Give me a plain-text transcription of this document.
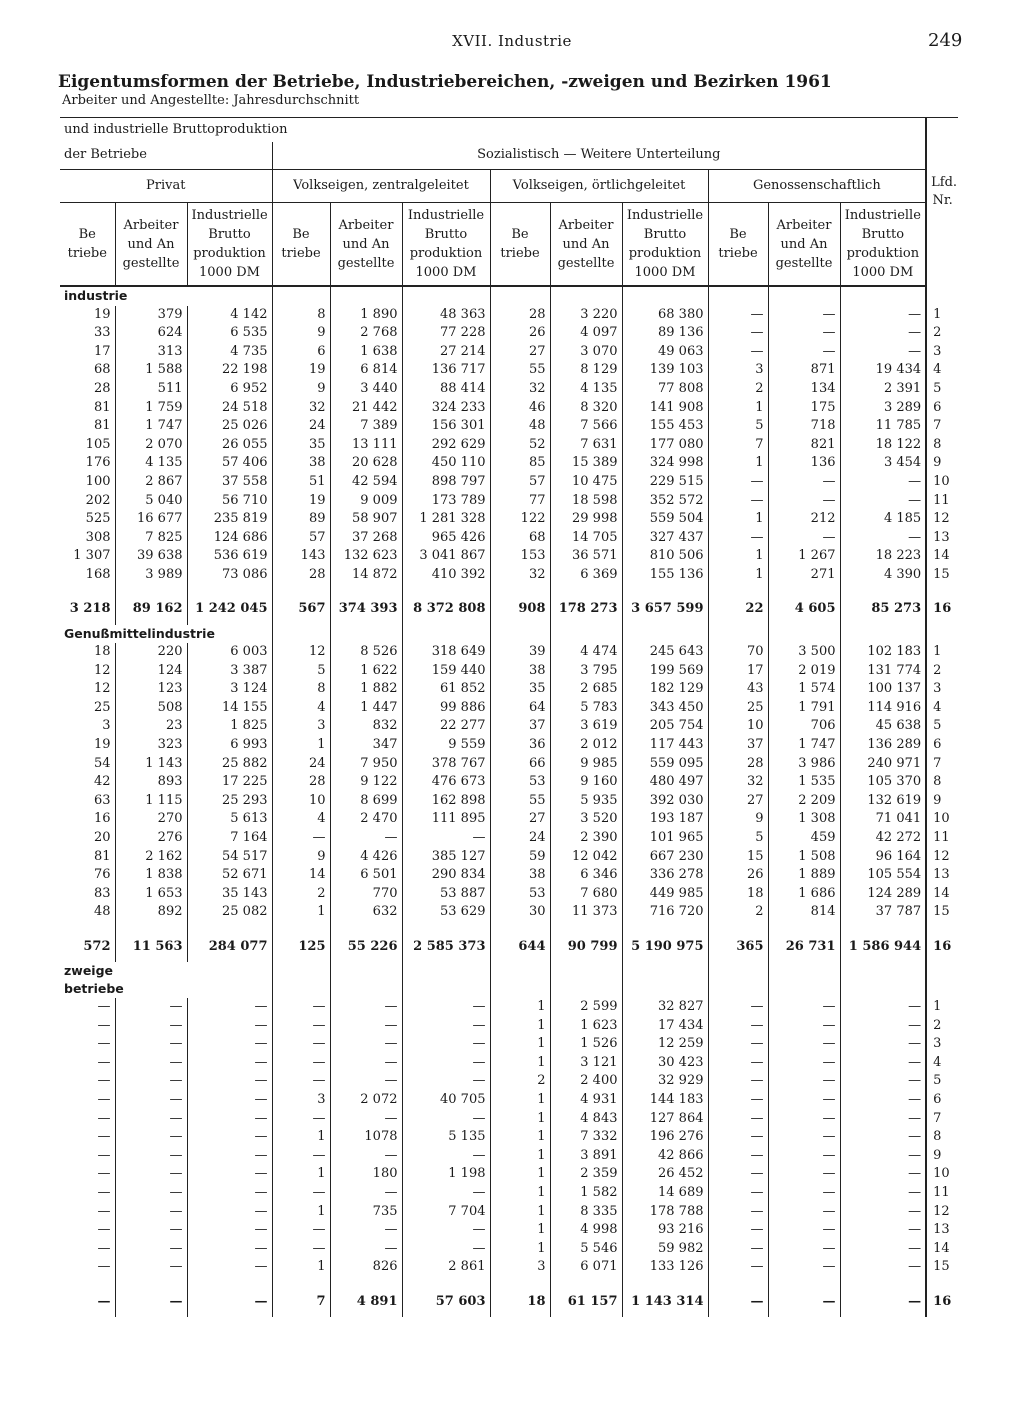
XVII. Industrie	249
Eigentumsformen der Betriebe, Industriebereichen, -zweigen und Bezirken 1961
Arbeiter und Angestellte: Jahresdurchschnitt
und industrielle Bruttoproduktion												
der Betriebe			Sozialistisch — Weitere Unterteilung									
Privat			Volkseigen, zentralgeleitet			Volkseigen, örtlichgeleitet			Genossenschaftlich			Lfd. Nr.
Be triebe	Arbeiter und An gestellte	Industrielle Brutto produktion 1000 DM	Be triebe	Arbeiter und An gestellte	Industrielle Brutto produktion 1000 DM	Be triebe	Arbeiter und An gestellte	Industrielle Brutto produktion 1000 DM	Be triebe	Arbeiter und An gestellte	Industrielle Brutto produktion 1000 DM	
industrie												
19	379	4 142	8	1 890	48 363	28	3 220	68 380	—	—	—	1
33	624	6 535	9	2 768	77 228	26	4 097	89 136	—	—	—	2
17	313	4 735	6	1 638	27 214	27	3 070	49 063	—	—	—	3
68	1 588	22 198	19	6 814	136 717	55	8 129	139 103	3	871	19 434	4
28	511	6 952	9	3 440	88 414	32	4 135	77 808	2	134	2 391	5
81	1 759	24 518	32	21 442	324 233	46	8 320	141 908	1	175	3 289	6
81	1 747	25 026	24	7 389	156 301	48	7 566	155 453	5	718	11 785	7
105	2 070	26 055	35	13 111	292 629	52	7 631	177 080	7	821	18 122	8
176	4 135	57 406	38	20 628	450 110	85	15 389	324 998	1	136	3 454	9
100	2 867	37 558	51	42 594	898 797	57	10 475	229 515	—	—	—	10
202	5 040	56 710	19	9 009	173 789	77	18 598	352 572	—	—	—	11
525	16 677	235 819	89	58 907	1 281 328	122	29 998	559 504	1	212	4 185	12
308	7 825	124 686	57	37 268	965 426	68	14 705	327 437	—	—	—	13
1 307	39 638	536 619	143	132 623	3 041 867	153	36 571	810 506	1	1 267	18 223	14
168	3 989	73 086	28	14 872	410 392	32	6 369	155 136	1	271	4 390	15

3 218	89 162	1 242 045	567	374 393	8 372 808	908	178 273	3 657 599	22	4 605	85 273	16
Genußmittelindustrie												
18	220	6 003	12	8 526	318 649	39	4 474	245 643	70	3 500	102 183	1
12	124	3 387	5	1 622	159 440	38	3 795	199 569	17	2 019	131 774	2
12	123	3 124	8	1 882	61 852	35	2 685	182 129	43	1 574	100 137	3
25	508	14 155	4	1 447	99 886	64	5 783	343 450	25	1 791	114 916	4
3	23	1 825	3	832	22 277	37	3 619	205 754	10	706	45 638	5
19	323	6 993	1	347	9 559	36	2 012	117 443	37	1 747	136 289	6
54	1 143	25 882	24	7 950	378 767	66	9 985	559 095	28	3 986	240 971	7
42	893	17 225	28	9 122	476 673	53	9 160	480 497	32	1 535	105 370	8
63	1 115	25 293	10	8 699	162 898	55	5 935	392 030	27	2 209	132 619	9
16	270	5 613	4	2 470	111 895	27	3 520	193 187	9	1 308	71 041	10
20	276	7 164	—	—	—	24	2 390	101 965	5	459	42 272	11
81	2 162	54 517	9	4 426	385 127	59	12 042	667 230	15	1 508	96 164	12
76	1 838	52 671	14	6 501	290 834	38	6 346	336 278	26	1 889	105 554	13
83	1 653	35 143	2	770	53 887	53	7 680	449 985	18	1 686	124 289	14
48	892	25 082	1	632	53 629	30	11 373	716 720	2	814	37 787	15

572	11 563	284 077	125	55 226	2 585 373	644	90 799	5 190 975	365	26 731	1 586 944	16
zweige												
betriebe												
—	—	—	—	—	—	1	2 599	32 827	—	—	—	1
—	—	—	—	—	—	1	1 623	17 434	—	—	—	2
—	—	—	—	—	—	1	1 526	12 259	—	—	—	3
—	—	—	—	—	—	1	3 121	30 423	—	—	—	4
—	—	—	—	—	—	2	2 400	32 929	—	—	—	5
—	—	—	3	2 072	40 705	1	4 931	144 183	—	—	—	6
—	—	—	—	—	—	1	4 843	127 864	—	—	—	7
—	—	—	1	1078	5 135	1	7 332	196 276	—	—	—	8
—	—	—	—	—	—	1	3 891	42 866	—	—	—	9
—	—	—	1	180	1 198	1	2 359	26 452	—	—	—	10
—	—	—	—	—	—	1	1 582	14 689	—	—	—	11
—	—	—	1	735	7 704	1	8 335	178 788	—	—	—	12
—	—	—	—	—	—	1	4 998	93 216	—	—	—	13
—	—	—	—	—	—	1	5 546	59 982	—	—	—	14
—	—	—	1	826	2 861	3	6 071	133 126	—	—	—	15

—	—	—	7	4 891	57 603	18	61 157	1 143 314	—	—	—	16
